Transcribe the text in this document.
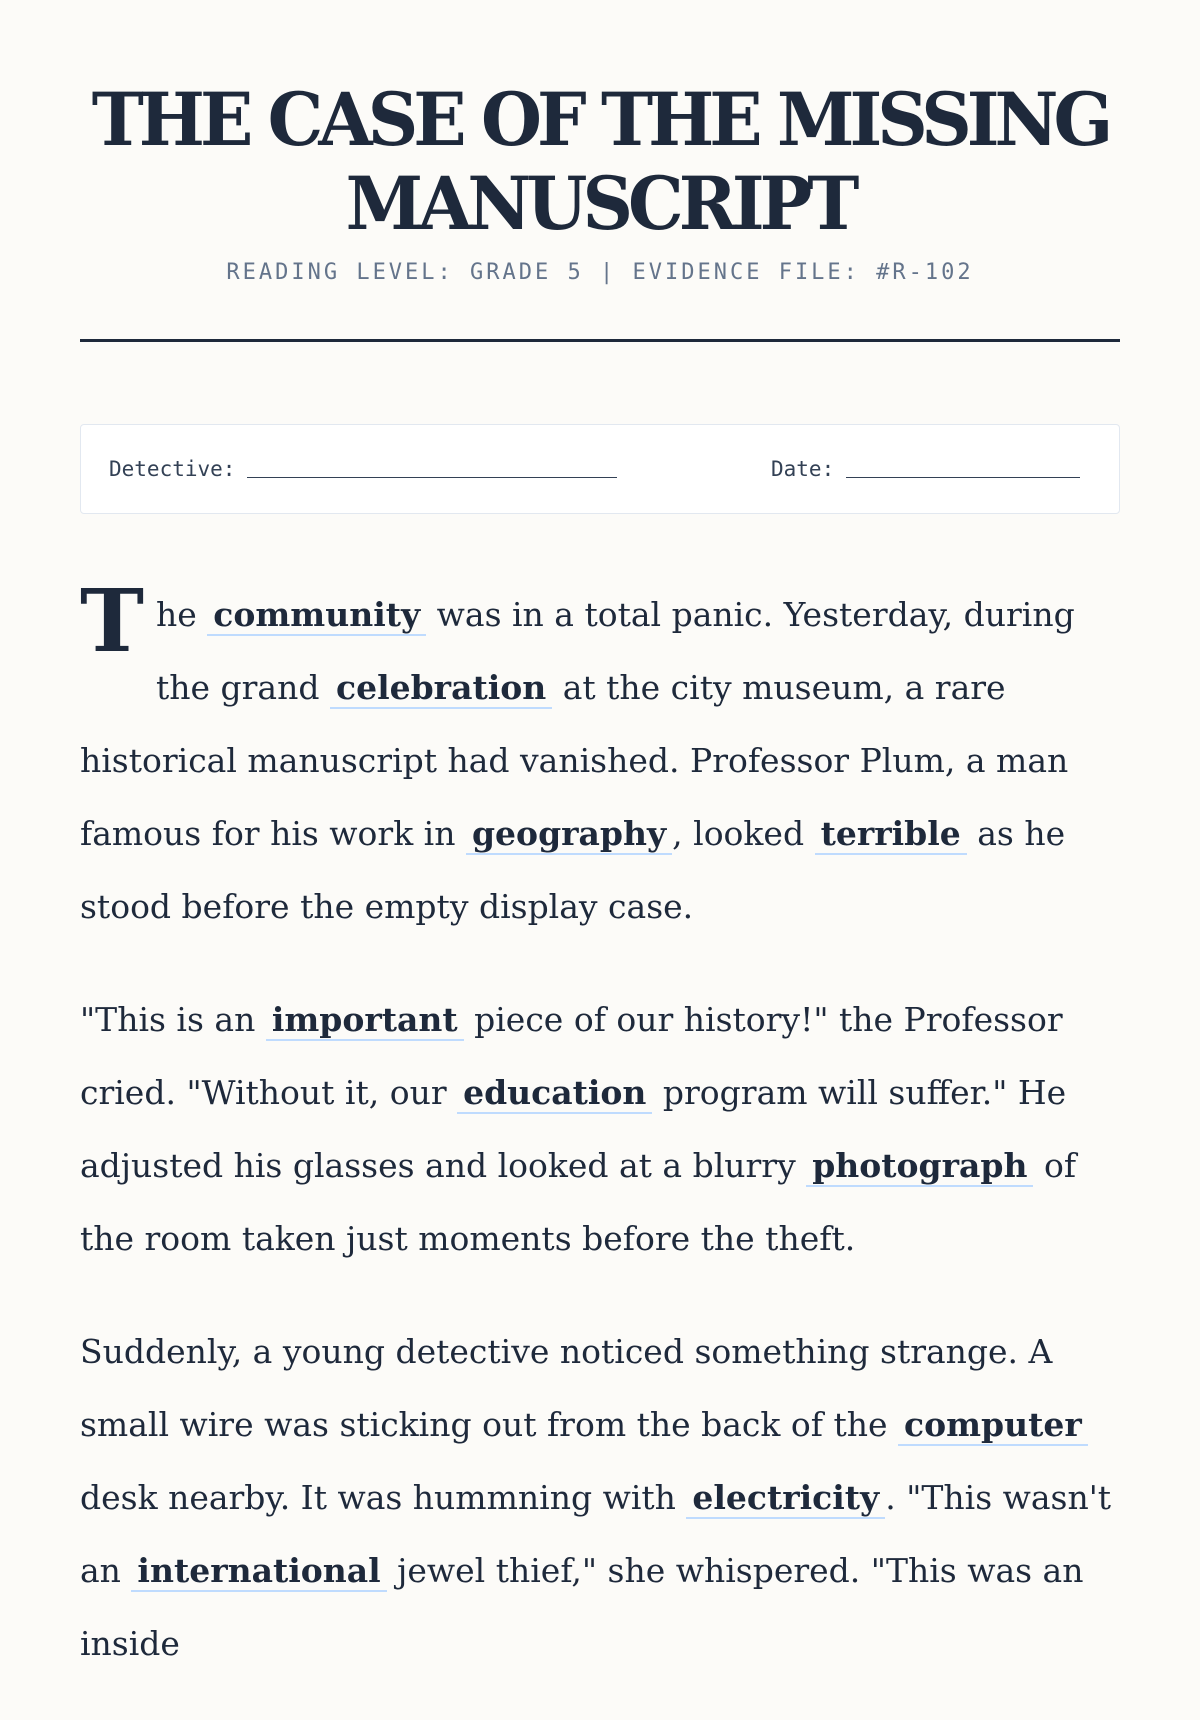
THE CASE OF THE MISSING MANUSCRIPT
READING LEVEL: GRADE 5 | EVIDENCE FILE: #R-102
Detective:	Date:

The community was in a total panic. Yesterday, during the grand celebration at the city museum, a rare historical manuscript had vanished. Professor Plum, a man famous for his work in geography , looked terrible as he stood before the empty display case.

"This is an important piece of our history!" the Professor cried. "Without it, our education program will suffer." He adjusted his glasses and looked at a blurry photograph of the room taken just moments before the theft.

Suddenly, a young detective noticed something strange. A small wire was sticking out from the back of the computer desk nearby. It was hummning with electricity . "This wasn't an international jewel thief," she whispered. "This was an inside
